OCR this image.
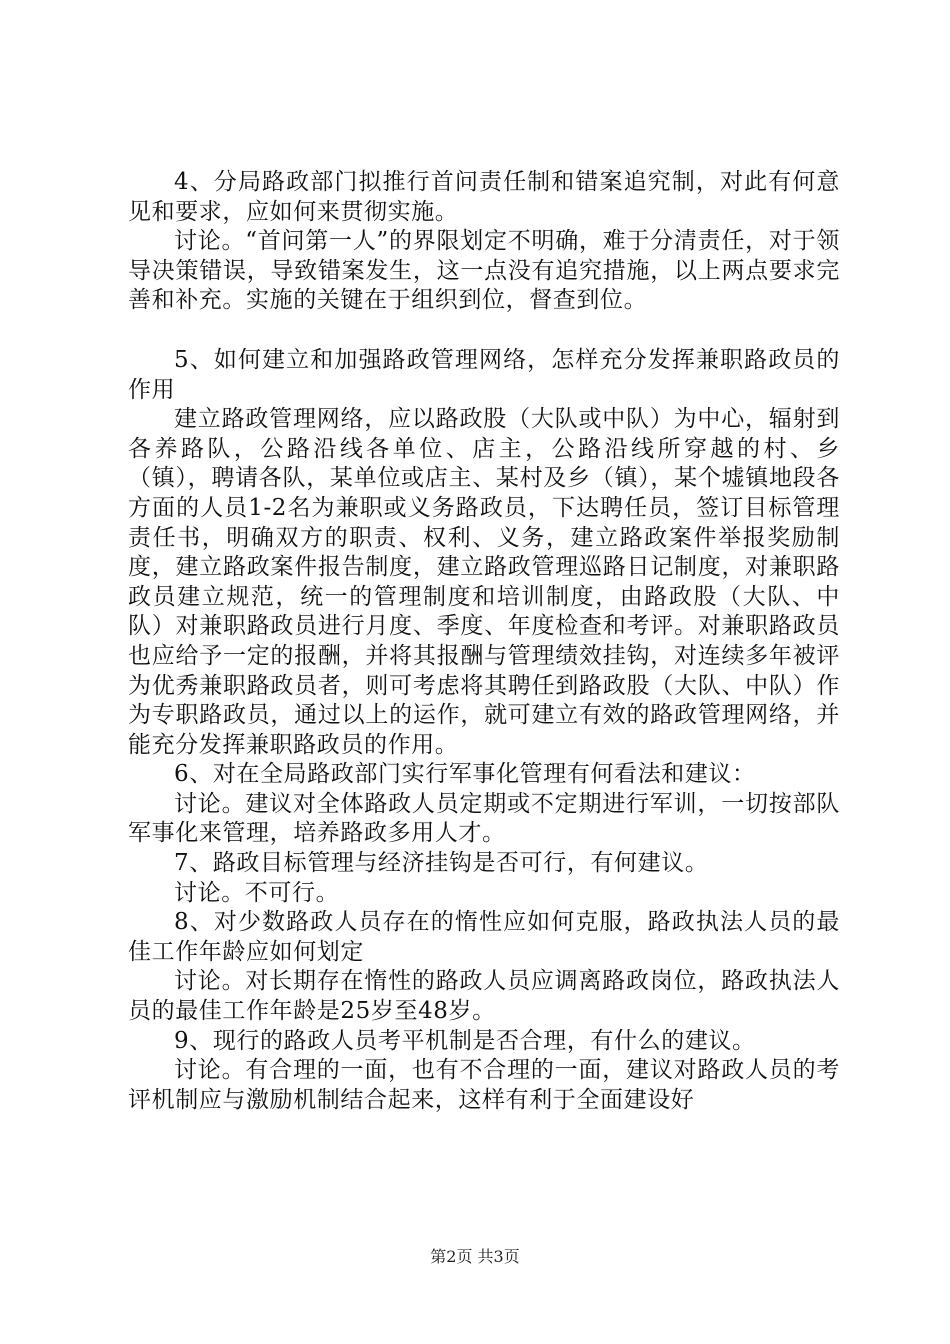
4、分局路政部门拟推行首问责任制和错案追究制，对此有何意见和要求，应如何来贯彻实施。

讨论。“首问第一人”的界限划定不明确，难于分清责任，对于领导决策错误，导致错案发生，这一点没有追究措施，以上两点要求完善和补充。实施的关键在于组织到位，督查到位。

5、如何建立和加强路政管理网络，怎样充分发挥兼职路政员的作用

建立路政管理网络，应以路政股（大队或中队）为中心，辐射到各养路队，公路沿线各单位、店主，公路沿线所穿越的村、乡（镇），聘请各队，某单位或店主、某村及乡（镇），某个墟镇地段各方面的人员1-2名为兼职或义务路政员，下达聘任员，签订目标管理责任书，明确双方的职责、权利、义务，建立路政案件举报奖励制度，建立路政案件报告制度，建立路政管理巡路日记制度，对兼职路政员建立规范，统一的管理制度和培训制度，由路政股（大队、中队）对兼职路政员进行月度、季度、年度检查和考评。对兼职路政员也应给予一定的报酬，并将其报酬与管理绩效挂钩，对连续多年被评为优秀兼职路政员者，则可考虑将其聘任到路政股（大队、中队）作为专职路政员，通过以上的运作，就可建立有效的路政管理网络，并能充分发挥兼职路政员的作用。

6、对在全局路政部门实行军事化管理有何看法和建议：

讨论。建议对全体路政人员定期或不定期进行军训，一切按部队军事化来管理，培养路政多用人才。

7、路政目标管理与经济挂钩是否可行，有何建议。

讨论。不可行。

8、对少数路政人员存在的惰性应如何克服，路政执法人员的最佳工作年龄应如何划定

讨论。对长期存在惰性的路政人员应调离路政岗位，路政执法人员的最佳工作年龄是25岁至48岁。

9、现行的路政人员考平机制是否合理，有什么的建议。

讨论。有合理的一面，也有不合理的一面，建议对路政人员的考评机制应与激励机制结合起来，这样有利于全面建设好

第2页 共3页
